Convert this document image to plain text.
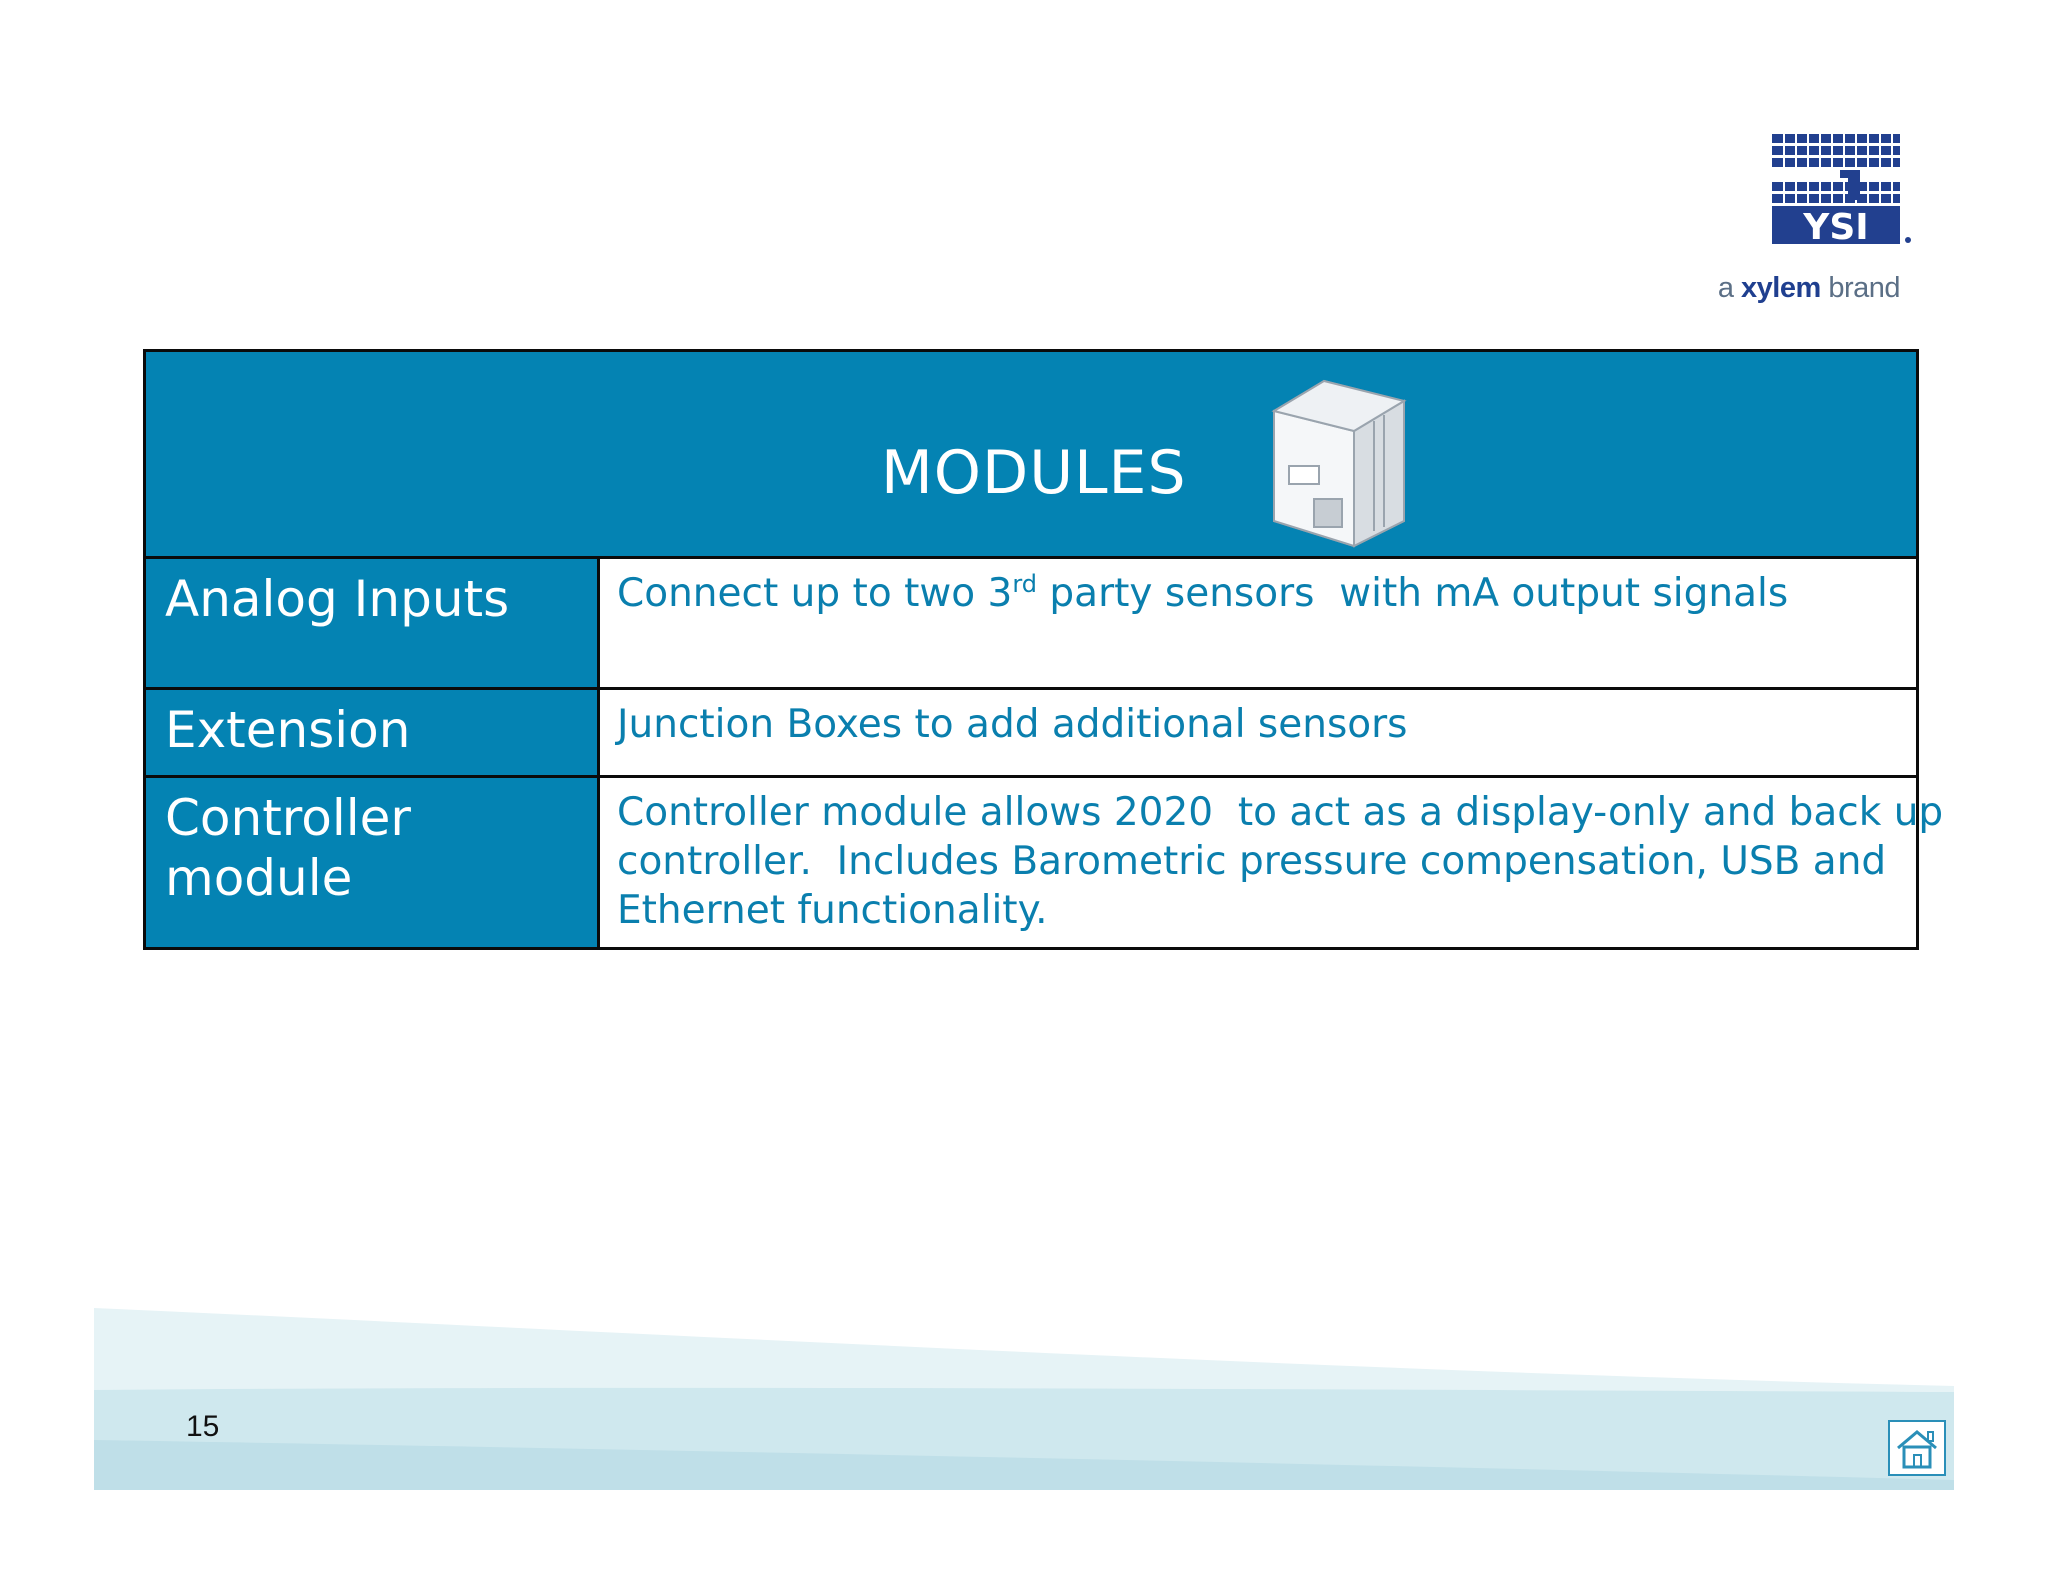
YSI
a xylem brand
MODULES
Analog Inputs	Connect up to two 3rd party sensors  with mA output signals
Extension	Junction Boxes to add additional sensors
Controller
module
Controller module allows 2020  to act as a display-only and back up
controller.  Includes Barometric pressure compensation, USB and
Ethernet functionality.
15
